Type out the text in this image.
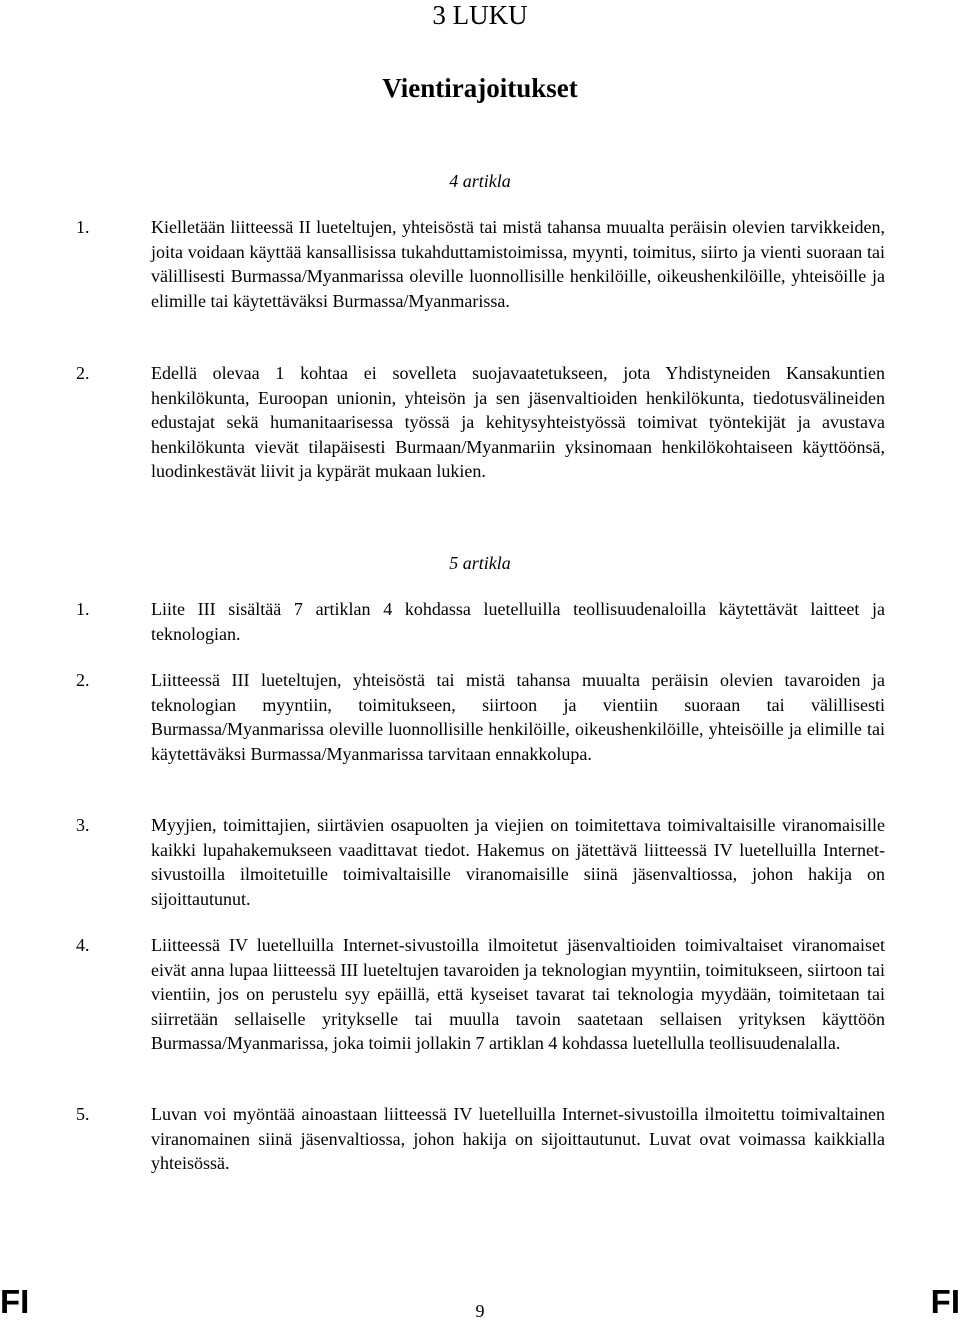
3 LUKU
Vientirajoitukset
4 artikla
1.	Kielletään liitteessä II lueteltujen, yhteisöstä tai mistä tahansa muualta peräisin olevien tarvikkeiden, joita voidaan käyttää kansallisissa tukahduttamistoimissa, myynti, toimitus, siirto ja vienti suoraan tai välillisesti Burmassa/Myanmarissa oleville luonnollisille henkilöille, oikeushenkilöille, yhteisöille ja elimille tai käytettäväksi Burmassa/Myanmarissa.
2.	Edellä olevaa 1 kohtaa ei sovelleta suojavaatetukseen, jota Yhdistyneiden Kansakuntien henkilökunta, Euroopan unionin, yhteisön ja sen jäsenvaltioiden henkilökunta, tiedotusvälineiden edustajat sekä humanitaarisessa työssä ja kehitysyhteistyössä toimivat työntekijät ja avustava henkilökunta vievät tilapäisesti Burmaan/Myanmariin yksinomaan henkilökohtaiseen käyttöönsä, luodinkestävät liivit ja kypärät mukaan lukien.
5 artikla
1.	Liite III sisältää 7 artiklan 4 kohdassa luetelluilla teollisuudenaloilla käytettävät laitteet ja teknologian.
2.	Liitteessä III lueteltujen, yhteisöstä tai mistä tahansa muualta peräisin olevien tavaroiden ja teknologian myyntiin, toimitukseen, siirtoon ja vientiin suoraan tai välillisesti Burmassa/Myanmarissa oleville luonnollisille henkilöille, oikeushenkilöille, yhteisöille ja elimille tai käytettäväksi Burmassa/Myanmarissa tarvitaan ennakkolupa.
3.	Myyjien, toimittajien, siirtävien osapuolten ja viejien on toimitettava toimivaltaisille viranomaisille kaikki lupahakemukseen vaadittavat tiedot. Hakemus on jätettävä liitteessä IV luetelluilla Internet-sivustoilla ilmoitetuille toimivaltaisille viranomaisille siinä jäsenvaltiossa, johon hakija on sijoittautunut.
4.	Liitteessä IV luetelluilla Internet-sivustoilla ilmoitetut jäsenvaltioiden toimivaltaiset viranomaiset eivät anna lupaa liitteessä III lueteltujen tavaroiden ja teknologian myyntiin, toimitukseen, siirtoon tai vientiin, jos on perustelu syy epäillä, että kyseiset tavarat tai teknologia myydään, toimitetaan tai siirretään sellaiselle yritykselle tai muulla tavoin saatetaan sellaisen yrityksen käyttöön Burmassa/Myanmarissa, joka toimii jollakin 7 artiklan 4 kohdassa luetellulla teollisuudenalalla.
5.	Luvan voi myöntää ainoastaan liitteessä IV luetelluilla Internet-sivustoilla ilmoitettu toimivaltainen viranomainen siinä jäsenvaltiossa, johon hakija on sijoittautunut. Luvat ovat voimassa kaikkialla yhteisössä.
FI	9	FI
